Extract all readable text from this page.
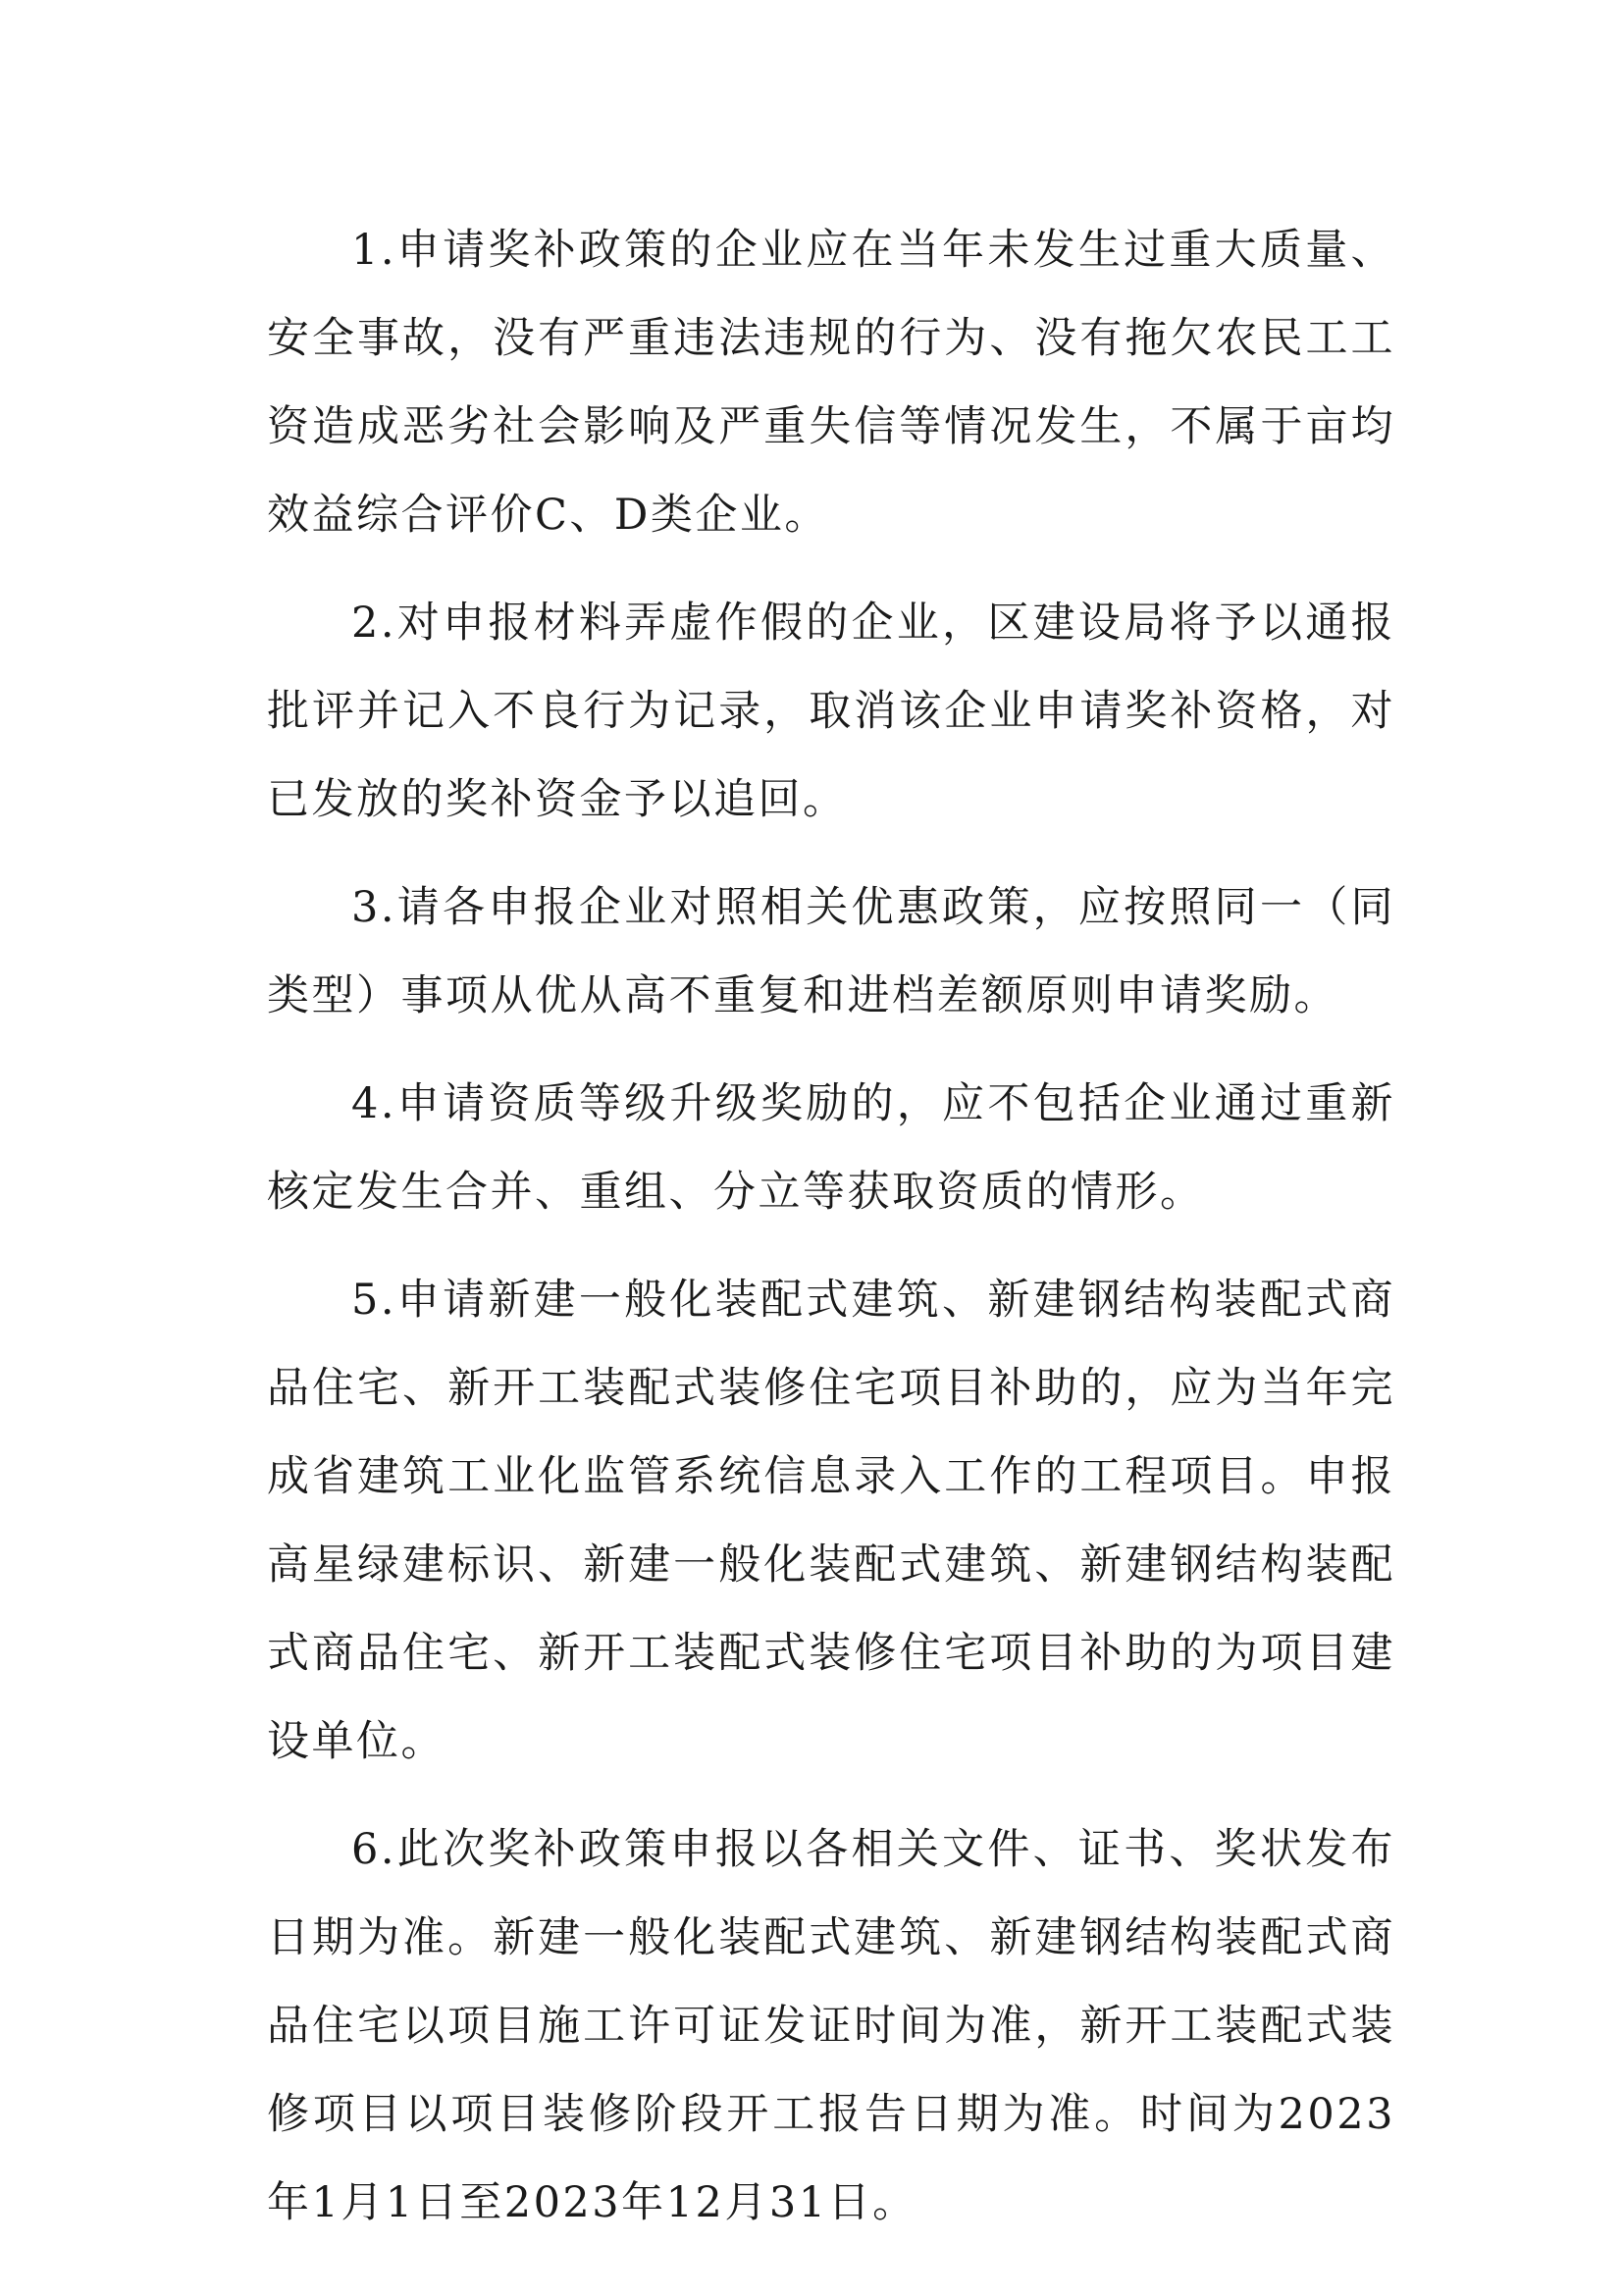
1.申请奖补政策的企业应在当年未发生过重大质量、安全事故，没有严重违法违规的行为、没有拖欠农民工工资造成恶劣社会影响及严重失信等情况发生，不属于亩均效益综合评价C、D类企业。

2.对申报材料弄虚作假的企业，区建设局将予以通报批评并记入不良行为记录，取消该企业申请奖补资格，对已发放的奖补资金予以追回。

3.请各申报企业对照相关优惠政策，应按照同一（同类型）事项从优从高不重复和进档差额原则申请奖励。

4.申请资质等级升级奖励的，应不包括企业通过重新核定发生合并、重组、分立等获取资质的情形。

5.申请新建一般化装配式建筑、新建钢结构装配式商品住宅、新开工装配式装修住宅项目补助的，应为当年完成省建筑工业化监管系统信息录入工作的工程项目。申报高星绿建标识、新建一般化装配式建筑、新建钢结构装配式商品住宅、新开工装配式装修住宅项目补助的为项目建设单位。

6.此次奖补政策申报以各相关文件、证书、奖状发布日期为准。新建一般化装配式建筑、新建钢结构装配式商品住宅以项目施工许可证发证时间为准，新开工装配式装修项目以项目装修阶段开工报告日期为准。时间为2023年1月1日至2023年12月31日。
